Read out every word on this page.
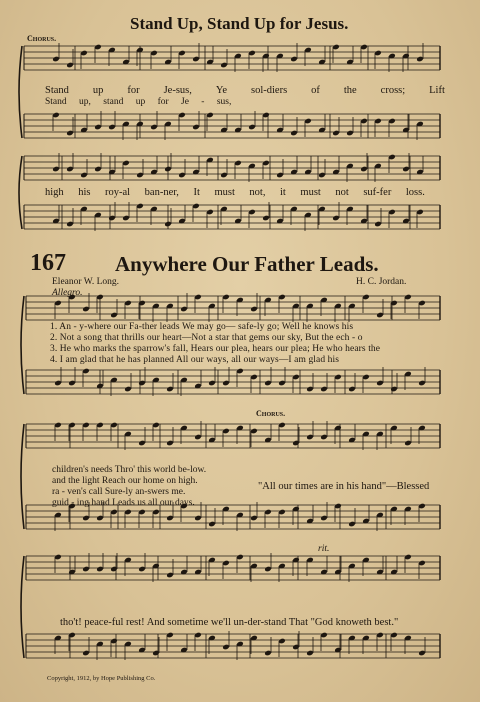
Stand Up, Stand Up for Jesus.
Chorus.
Stand up for Je-sus, Ye sol-diers of the cross; Lift
Stand up, stand up for Je - sus,
high his roy-al ban-ner, It must not, it must not suf-fer loss.
167 Anywhere Our Father Leads.
Eleanor W. Long.	H. C. Jordan.
Allegro.
1. An - y-where our Fa-ther leads We may go— safe-ly go; Well he knows his
2. Not a song that thrills our heart—Not a star that gems our sky, But the ech - o
3. He who marks the sparrow's fall, Hears our plea, hears our plea; He who hears the
4. I am glad that he has planned All our ways, all our ways—I am glad his
Chorus.
children's needs Thro' this world be-low.
and the light Reach our home on high.
ra - ven's call Sure-ly an-swers me.
guid - ing hand Leads us all our days.
"All our times are in his hand"—Blessed
rit.
tho't! peace-ful rest! And sometime we'll un-der-stand That "God knoweth best."
Copyright, 1912, by Hope Publishing Co.
